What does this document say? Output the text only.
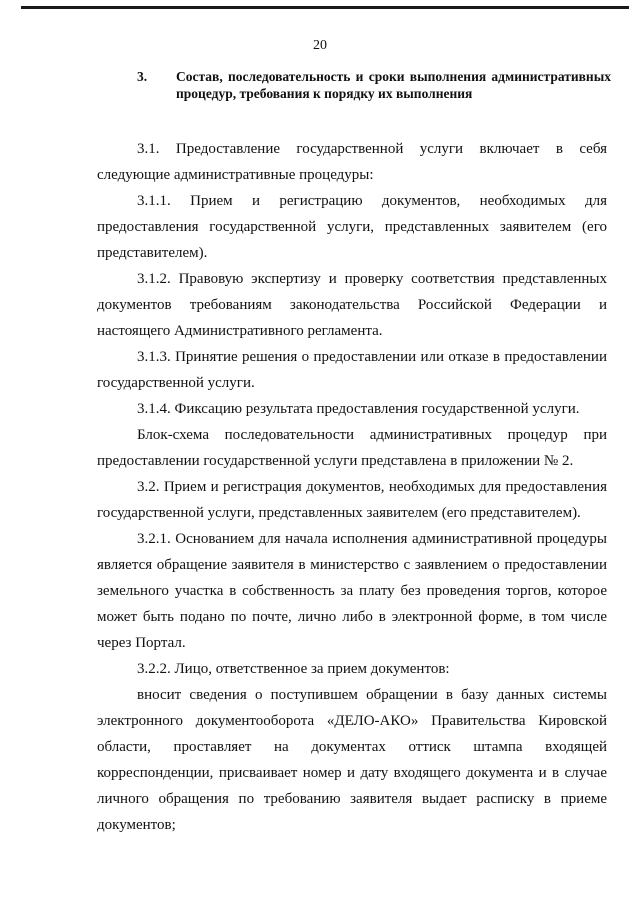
20
3. Состав, последовательность и сроки выполнения административных процедур, требования к порядку их выполнения

3.1. Предоставление государственной услуги включает в себя следующие административные процедуры:

3.1.1. Прием и регистрацию документов, необходимых для предоставления государственной услуги, представленных заявителем (его представителем).

3.1.2. Правовую экспертизу и проверку соответствия представленных документов требованиям законодательства Российской Федерации и настоящего Административного регламента.

3.1.3. Принятие решения о предоставлении или отказе в предоставлении государственной услуги.

3.1.4. Фиксацию результата предоставления государственной услуги.

Блок-схема последовательности административных процедур при предоставлении государственной услуги представлена в приложении № 2.

3.2. Прием и регистрация документов, необходимых для предоставления государственной услуги, представленных заявителем (его представителем).

3.2.1. Основанием для начала исполнения административной процедуры является обращение заявителя в министерство с заявлением о предоставлении земельного участка в собственность за плату без проведения торгов, которое может быть подано по почте, лично либо в электронной форме, в том числе через Портал.

3.2.2. Лицо, ответственное за прием документов:

вносит сведения о поступившем обращении в базу данных системы электронного документооборота «ДЕЛО-АКО» Правительства Кировской области, проставляет на документах оттиск штампа входящей корреспонденции, присваивает номер и дату входящего документа и в случае личного обращения по требованию заявителя выдает расписку в приеме документов;
